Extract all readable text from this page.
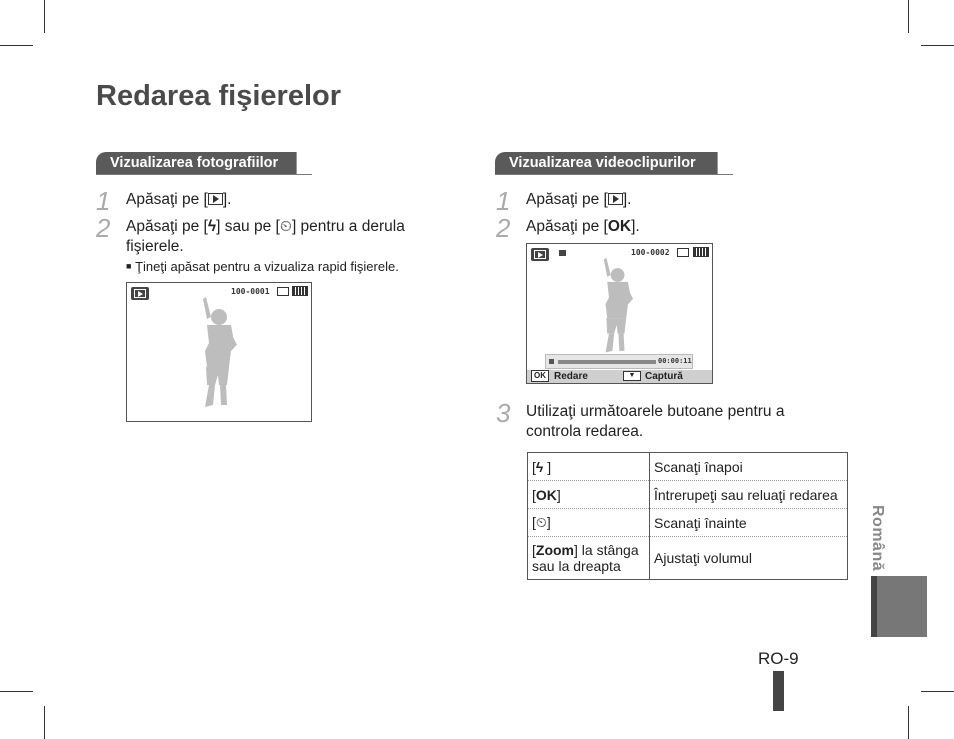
Redarea fişierelor
Vizualizarea fotografiilor
1 Apăsaţi pe [ ].
2 Apăsaţi pe [ϟ] sau pe [⏲] pentru a derula
fişierele.
■ Ţineţi apăsat pentru a vizualiza rapid fişierele.
100-0001
Vizualizarea videoclipurilor
1 Apăsaţi pe [ ].
2 Apăsaţi pe [OK].
100-0002
00:00:11
OK Redare	▼ Captură
3 Utilizaţi următoarele butoane pentru a
controla redarea.
[ϟ ]	Scanaţi înapoi
[OK]	Întrerupeţi sau reluaţi redarea
[⏲]	Scanaţi înainte
[Zoom] la stânga
sau la dreapta	Ajustaţi volumul	Română
RO-9
